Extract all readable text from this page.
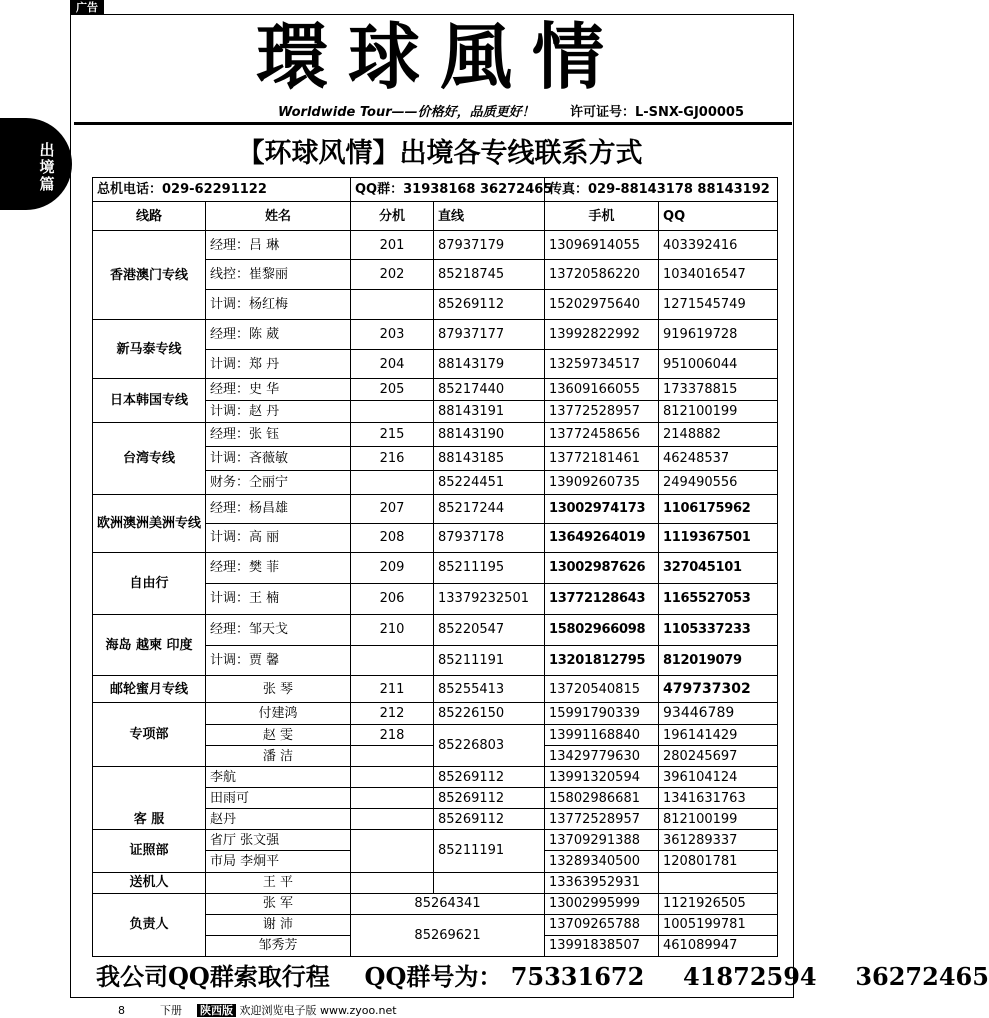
广告
出境篇
環球風情
Worldwide Tour——价格好，品质更好！	许可证号：L-SNX-GJ00005
【环球风情】出境各专线联系方式
总机电话：029-62291122		QQ群：31938168 36272465		传真：029-88143178 88143192	
线路	姓名	分机	直线	手机	QQ
香港澳门专线	经理：吕 琳	201	87937179	13096914055	403392416
	线控：崔黎丽	202	85218745	13720586220	1034016547
	计调：杨红梅		85269112	15202975640	1271545749
新马泰专线	经理：陈 葳	203	87937177	13992822992	919619728
	计调：郑 丹	204	88143179	13259734517	951006044
日本韩国专线	经理：史 华	205	85217440	13609166055	173378815
	计调：赵 丹		88143191	13772528957	812100199
台湾专线	经理：张 钰	215	88143190	13772458656	2148882
	计调：吝薇敏	216	88143185	13772181461	46248537
	财务：仝丽宁		85224451	13909260735	249490556
欧洲澳洲美洲专线	经理：杨昌雄	207	85217244	13002974173	1106175962
	计调：高 丽	208	87937178	13649264019	1119367501
自由行	经理：樊 菲	209	85211195	13002987626	327045101
	计调：王 楠	206	13379232501	13772128643	1165527053
海岛 越柬 印度	经理：邹天戈	210	85220547	15802966098	1105337233
	计调：贾 馨		85211191	13201812795	812019079
邮轮蜜月专线	张 琴	211	85255413	13720540815	479737302
专项部	付建鸿	212	85226150	15991790339	93446789
	赵 雯	218	85226803	13991168840	196141429
	潘 洁			13429779630	280245697
客 服	李航		85269112	13991320594	396104124
	田雨可		85269112	15802986681	1341631763
	赵丹		85269112	13772528957	812100199
证照部	省厅 张文强		85211191	13709291388	361289337
	市局 李炯平			13289340500	120801781
送机人	王 平			13363952931	
负责人	张 军	85264341		13002995999	1121926505
	谢 沛	85269621		13709265788	1005199781
	邹秀芳			13991838507	461089947
我公司QQ群索取行程 QQ群号为： 75331672 41872594 36272465
8	下册 陕西版 欢迎浏览电子版 www.zyoo.net
